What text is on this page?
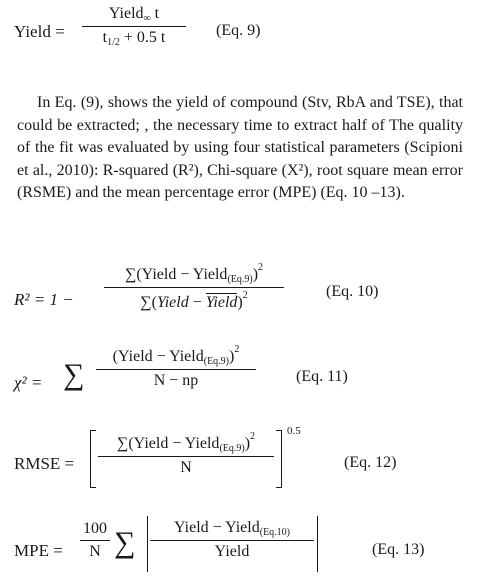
Yield =
Yield$_\infty$ t
$t_{1/2} + 0.5$ t	(Eq. 9)

In Eq. (9), shows the yield of compound (Stv, RbA and TSE), that could be extracted; , the necessary time to extract half of The quality of the fit was evaluated by using four statistical parameters (Scipioni et al., 2010): R-squared (R²), Chi-square (X²), root square mean error (RSME) and the mean percentage error (MPE) (Eq. 10 –13).

R² = 1 −
∑(Yield − Yield$_{(Eq.9)}$)$^2$
∑(Yield − Yield)$^2$	(Eq. 10)
χ² = ∑
(Yield − Yield$_{(Eq.9)}$)$^2$
N − np	(Eq. 11)
RMSE =
∑(Yield − Yield$_{(Eq.9)}$)$^2$
N
0.5
(Eq. 12)
MPE =
100
N ∑ Yield − Yield$_{(Eq.10)}$
Yield	(Eq. 13)
